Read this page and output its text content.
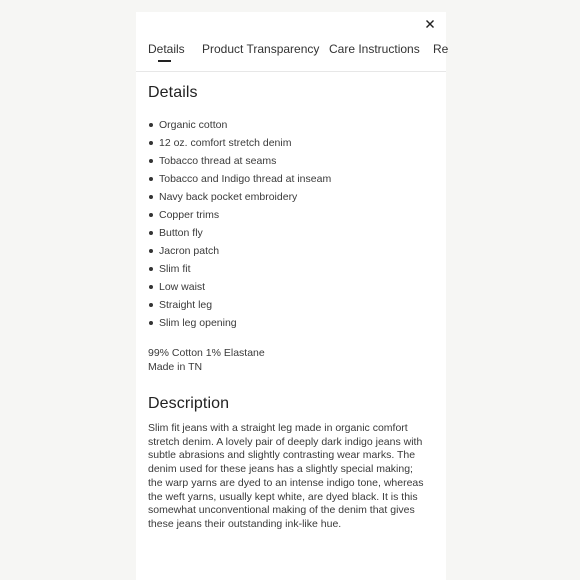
Details Product Transparency Care Instructions Re
Details
Organic cotton
12 oz. comfort stretch denim
Tobacco thread at seams
Tobacco and Indigo thread at inseam
Navy back pocket embroidery
Copper trims
Button fly
Jacron patch
Slim fit
Low waist
Straight leg
Slim leg opening
99% Cotton 1% Elastane
Made in TN
Description

Slim fit jeans with a straight leg made in organic comfort stretch denim. A lovely pair of deeply dark indigo jeans with subtle abrasions and slightly contrasting wear marks. The denim used for these jeans has a slightly special making; the warp yarns are dyed to an intense indigo tone, whereas the weft yarns, usually kept white, are dyed black. It is this somewhat unconventional making of the denim that gives these jeans their outstanding ink-like hue.
